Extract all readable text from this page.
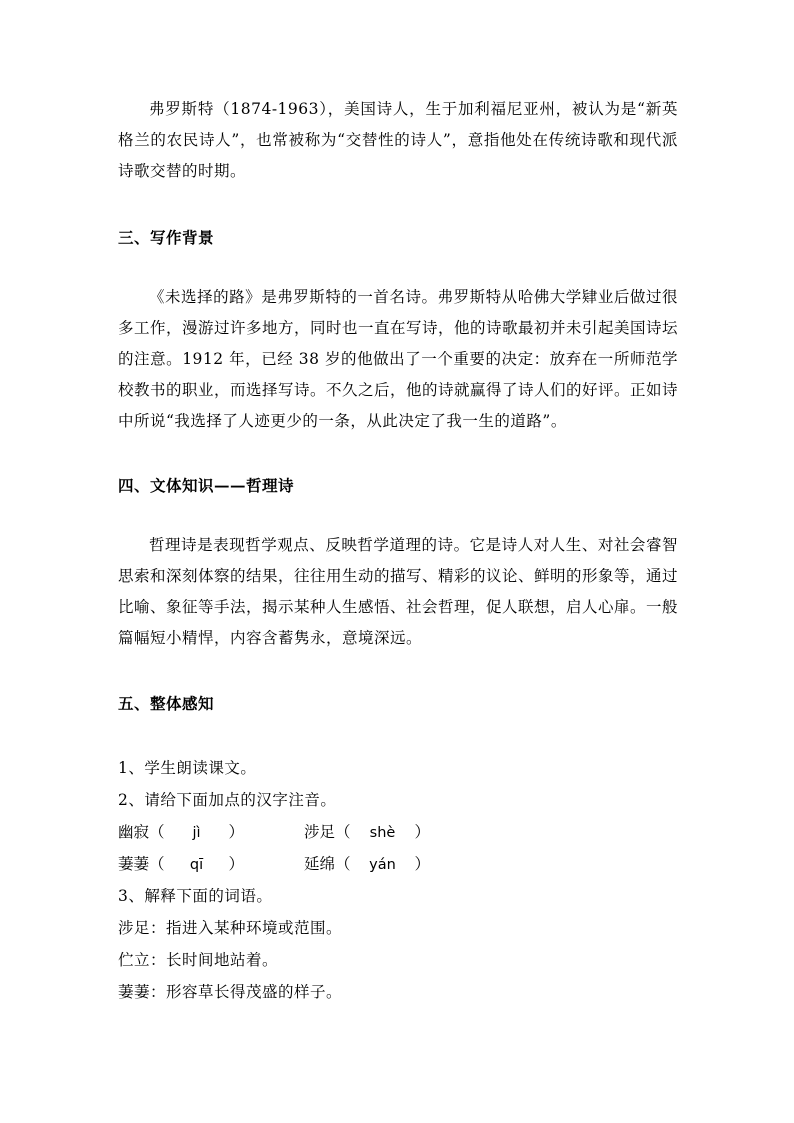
弗罗斯特（1874-1963），美国诗人，生于加利福尼亚州，被认为是“新英格兰的农民诗人”，也常被称为“交替性的诗人”，意指他处在传统诗歌和现代派诗歌交替的时期。

三、写作背景

《未选择的路》是弗罗斯特的一首名诗。弗罗斯特从哈佛大学肄业后做过很多工作，漫游过许多地方，同时也一直在写诗，他的诗歌最初并未引起美国诗坛的注意。1912 年，已经 38 岁的他做出了一个重要的决定：放弃在一所师范学校教书的职业，而选择写诗。不久之后，他的诗就赢得了诗人们的好评。正如诗中所说“我选择了人迹更少的一条，从此决定了我一生的道路”。

四、文体知识——哲理诗

哲理诗是表现哲学观点、反映哲学道理的诗。它是诗人对人生、对社会睿智思索和深刻体察的结果，往往用生动的描写、精彩的议论、鲜明的形象等，通过比喻、象征等手法，揭示某种人生感悟、社会哲理，促人联想，启人心扉。一般篇幅短小精悍，内容含蓄隽永，意境深远。

五、整体感知

1、学生朗读课文。

2、请给下面加点的汉字注音。

幽寂（ jì ）	涉足（ shè ）
萋萋（ qī ）	延绵（ yán ）

3、解释下面的词语。

涉足：指进入某种环境或范围。

伫立：长时间地站着。

萋萋：形容草长得茂盛的样子。
